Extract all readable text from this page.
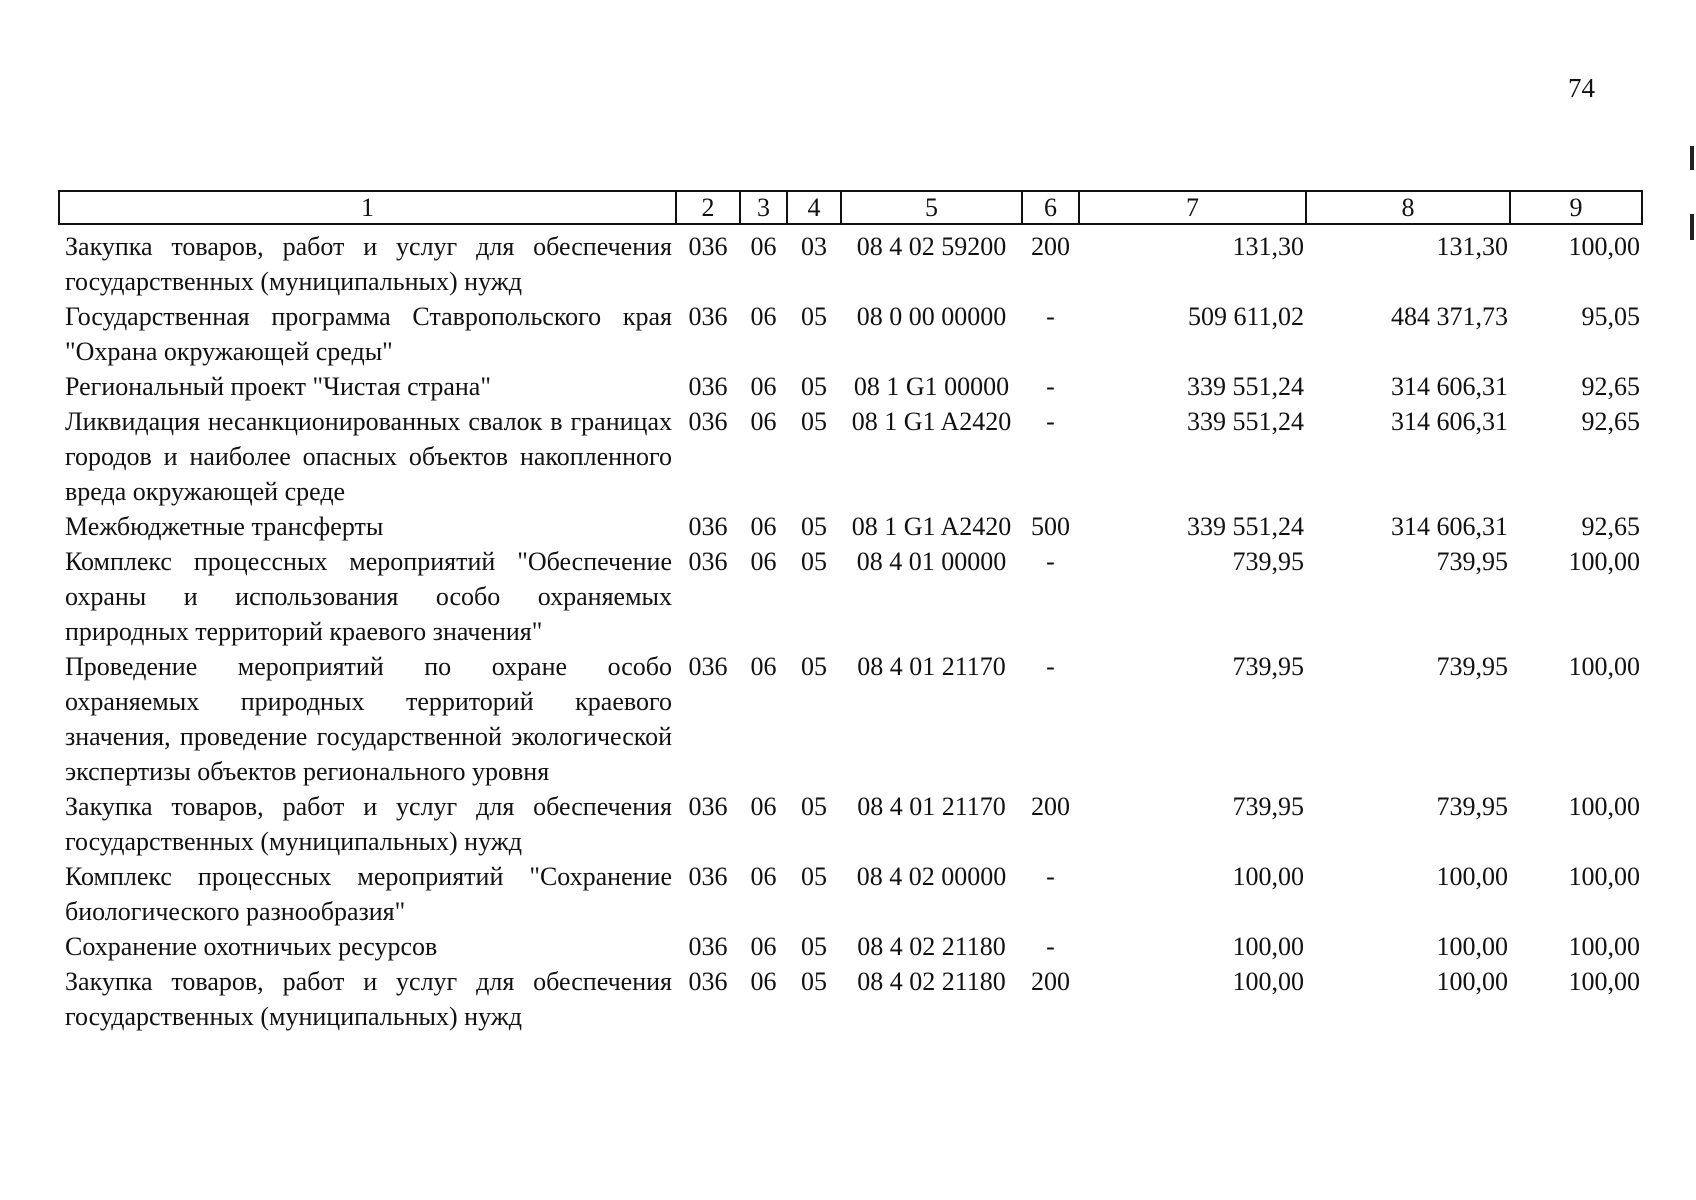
74
1	2	3	4	5	6	7	8	9
Закупка товаров, работ и услуг для обеспечения государственных (муниципальных) нужд	036	06	03	08 4 02 59200	200	131,30	131,30	100,00
Государственная программа Ставропольского края "Охрана окружающей среды"	036	06	05	08 0 00 00000	-	509 611,02	484 371,73	95,05
Региональный проект "Чистая страна"	036	06	05	08 1 G1 00000	-	339 551,24	314 606,31	92,65
Ликвидация несанкционированных свалок в границах городов и наиболее опасных объектов накопленного вреда окружающей среде	036	06	05	08 1 G1 A2420	-	339 551,24	314 606,31	92,65
Межбюджетные трансферты	036	06	05	08 1 G1 A2420	500	339 551,24	314 606,31	92,65
Комплекс процессных мероприятий "Обеспечение охраны и использования особо охраняемых природных территорий краевого значения"	036	06	05	08 4 01 00000	-	739,95	739,95	100,00
Проведение мероприятий по охране особо охраняемых природных территорий краевого значения, проведение государственной экологической экспертизы объектов регионального уровня	036	06	05	08 4 01 21170	-	739,95	739,95	100,00
Закупка товаров, работ и услуг для обеспечения государственных (муниципальных) нужд	036	06	05	08 4 01 21170	200	739,95	739,95	100,00
Комплекс процессных мероприятий "Сохранение биологического разнообразия"	036	06	05	08 4 02 00000	-	100,00	100,00	100,00
Сохранение охотничьих ресурсов	036	06	05	08 4 02 21180	-	100,00	100,00	100,00
Закупка товаров, работ и услуг для обеспечения государственных (муниципальных) нужд	036	06	05	08 4 02 21180	200	100,00	100,00	100,00
